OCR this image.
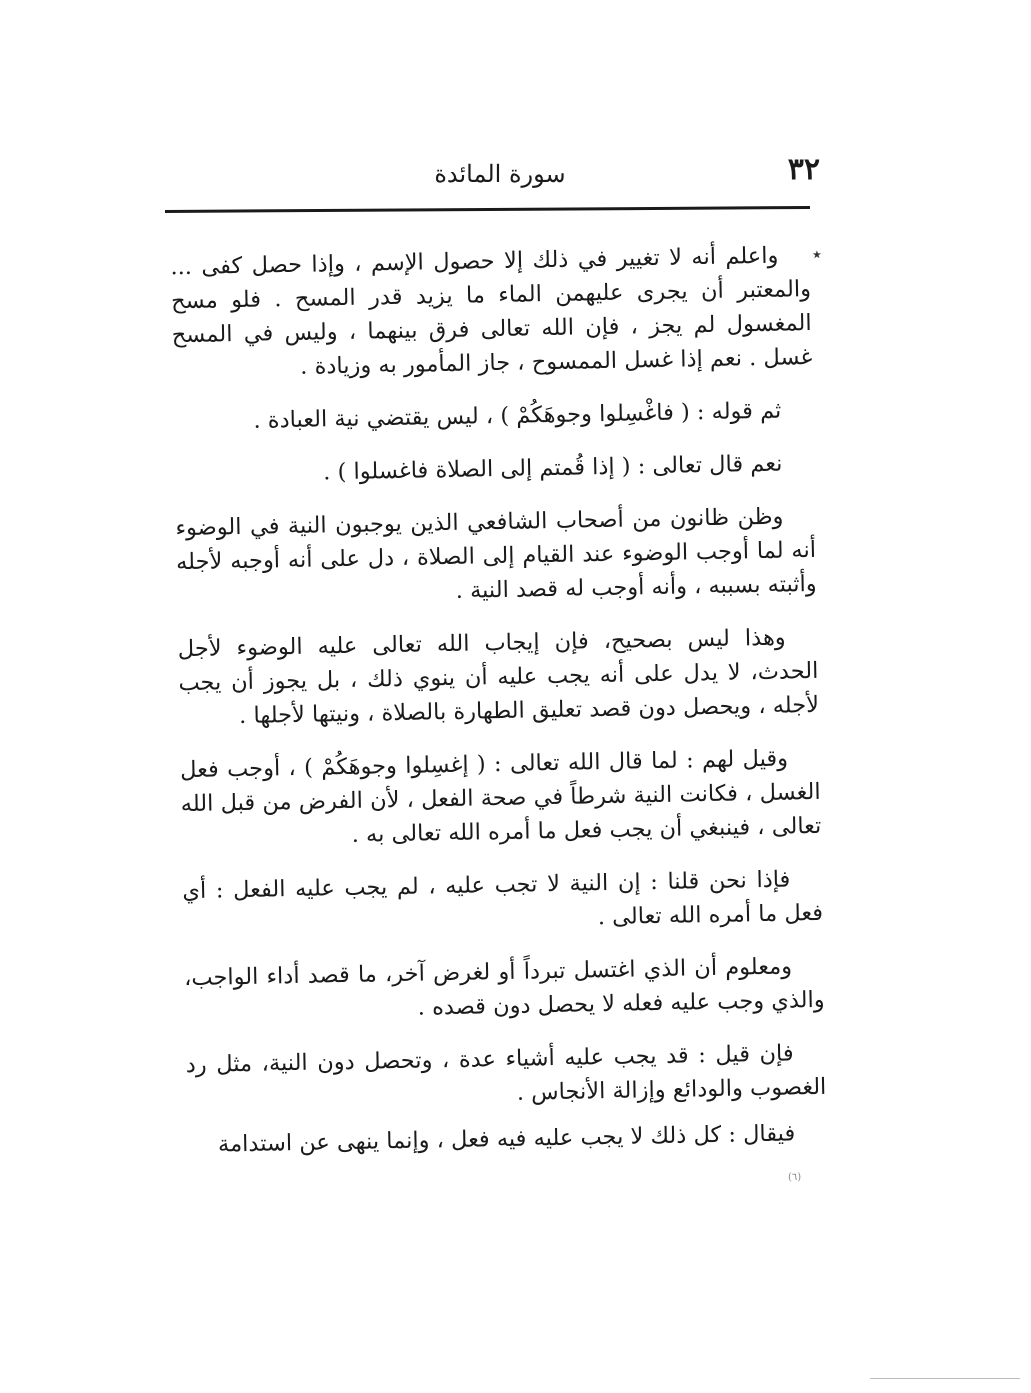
٣٢
سورة المائدة
٭

واعلم أنه لا تغيير في ذلك إلا حصول الإسم ، وإذا حصل كفى ... والمعتبر أن يجرى عليهمن الماء ما يزيد قدر المسح . فلو مسح المغسول لم يجز ، فإن الله تعالى فرق بينهما ، وليس في المسح غسل . نعم إذا غسل الممسوح ، جاز المأمور به وزيادة .

ثم قوله : ( فاغْسِلوا وجوهَكُمْ ) ، ليس يقتضي نية العبادة .

نعم قال تعالى : ( إذا قُمتم إلى الصلاة فاغسلوا ) .

وظن ظانون من أصحاب الشافعي الذين يوجبون النية في الوضوء أنه لما أوجب الوضوء عند القيام إلى الصلاة ، دل على أنه أوجبه لأجله وأثبته بسببه ، وأنه أوجب له قصد النية .

وهذا ليس بصحيح، فإن إيجاب الله تعالى عليه الوضوء لأجل الحدث، لا يدل على أنه يجب عليه أن ينوي ذلك ، بل يجوز أن يجب لأجله ، ويحصل دون قصد تعليق الطهارة بالصلاة ، ونيتها لأجلها .

وقيل لهم : لما قال الله تعالى : ( إغسِلوا وجوهَكُمْ ) ، أوجب فعل الغسل ، فكانت النية شرطاً في صحة الفعل ، لأن الفرض من قبل الله تعالى ، فينبغي أن يجب فعل ما أمره الله تعالى به .

فإذا نحن قلنا : إن النية لا تجب عليه ، لم يجب عليه الفعل : أي فعل ما أمره الله تعالى .

ومعلوم أن الذي اغتسل تبرداً أو لغرض آخر، ما قصد أداء الواجب، والذي وجب عليه فعله لا يحصل دون قصده .

فإن قيل : قد يجب عليه أشياء عدة ، وتحصل دون النية، مثل رد الغصوب والودائع وإزالة الأنجاس .

فيقال : كل ذلك لا يجب عليه فيه فعل ، وإنما ينهى عن استدامة

(٦)
